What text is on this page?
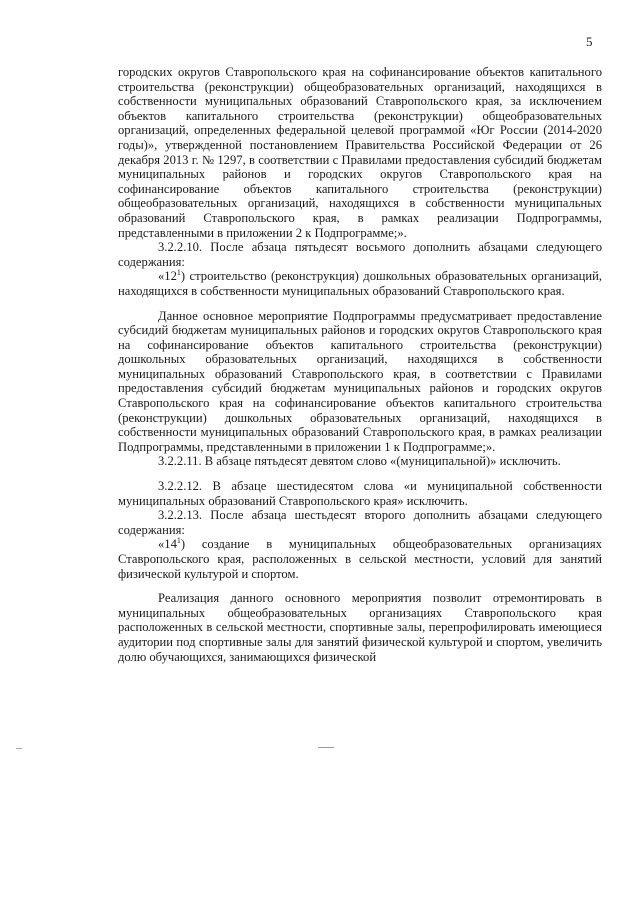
5

городских округов Ставропольского края на софинансирование объектов капитального строительства (реконструкции) общеобразовательных организаций, находящихся в собственности муниципальных образований Ставропольского края, за исключением объектов капитального строительства (реконструкции) общеобразовательных организаций, определенных федеральной целевой программой «Юг России (2014-2020 годы)», утвержденной постановлением Правительства Российской Федерации от 26 декабря 2013 г. № 1297, в соответствии с Правилами предоставления субсидий бюджетам муниципальных районов и городских округов Ставропольского края на софинансирование объектов капитального строительства (реконструкции) общеобразовательных организаций, находящихся в собственности муниципальных образований Ставропольского края, в рамках реализации Подпрограммы, представленными в приложении 2 к Подпрограмме;».

3.2.2.10. После абзаца пятьдесят восьмого дополнить абзацами следующего содержания:

«$12^1$) строительство (реконструкция) дошкольных образовательных организаций, находящихся в собственности муниципальных образований Ставропольского края.

Данное основное мероприятие Подпрограммы предусматривает предоставление субсидий бюджетам муниципальных районов и городских округов Ставропольского края на софинансирование объектов капитального строительства (реконструкции) дошкольных образовательных организаций, находящихся в собственности муниципальных образований Ставропольского края, в соответствии с Правилами предоставления субсидий бюджетам муниципальных районов и городских округов Ставропольского края на софинансирование объектов капитального строительства (реконструкции) дошкольных образовательных организаций, находящихся в собственности муниципальных образований Ставропольского края, в рамках реализации Подпрограммы, представленными в приложении 1 к Подпрограмме;».

3.2.2.11. В абзаце пятьдесят девятом слово «(муниципальной)» исключить.

3.2.2.12. В абзаце шестидесятом слова «и муниципальной собственности муниципальных образований Ставропольского края» исключить.

3.2.2.13. После абзаца шестьдесят второго дополнить абзацами следующего содержания:

«$14^1$) создание в муниципальных общеобразовательных организациях Ставропольского края, расположенных в сельской местности, условий для занятий физической культурой и спортом.

Реализация данного основного мероприятия позволит отремонтировать в муниципальных общеобразовательных организациях Ставропольского края расположенных в сельской местности, спортивные залы, перепрофилировать имеющиеся аудитории под спортивные залы для занятий физической культурой и спортом, увеличить долю обучающихся, занимающихся физической
